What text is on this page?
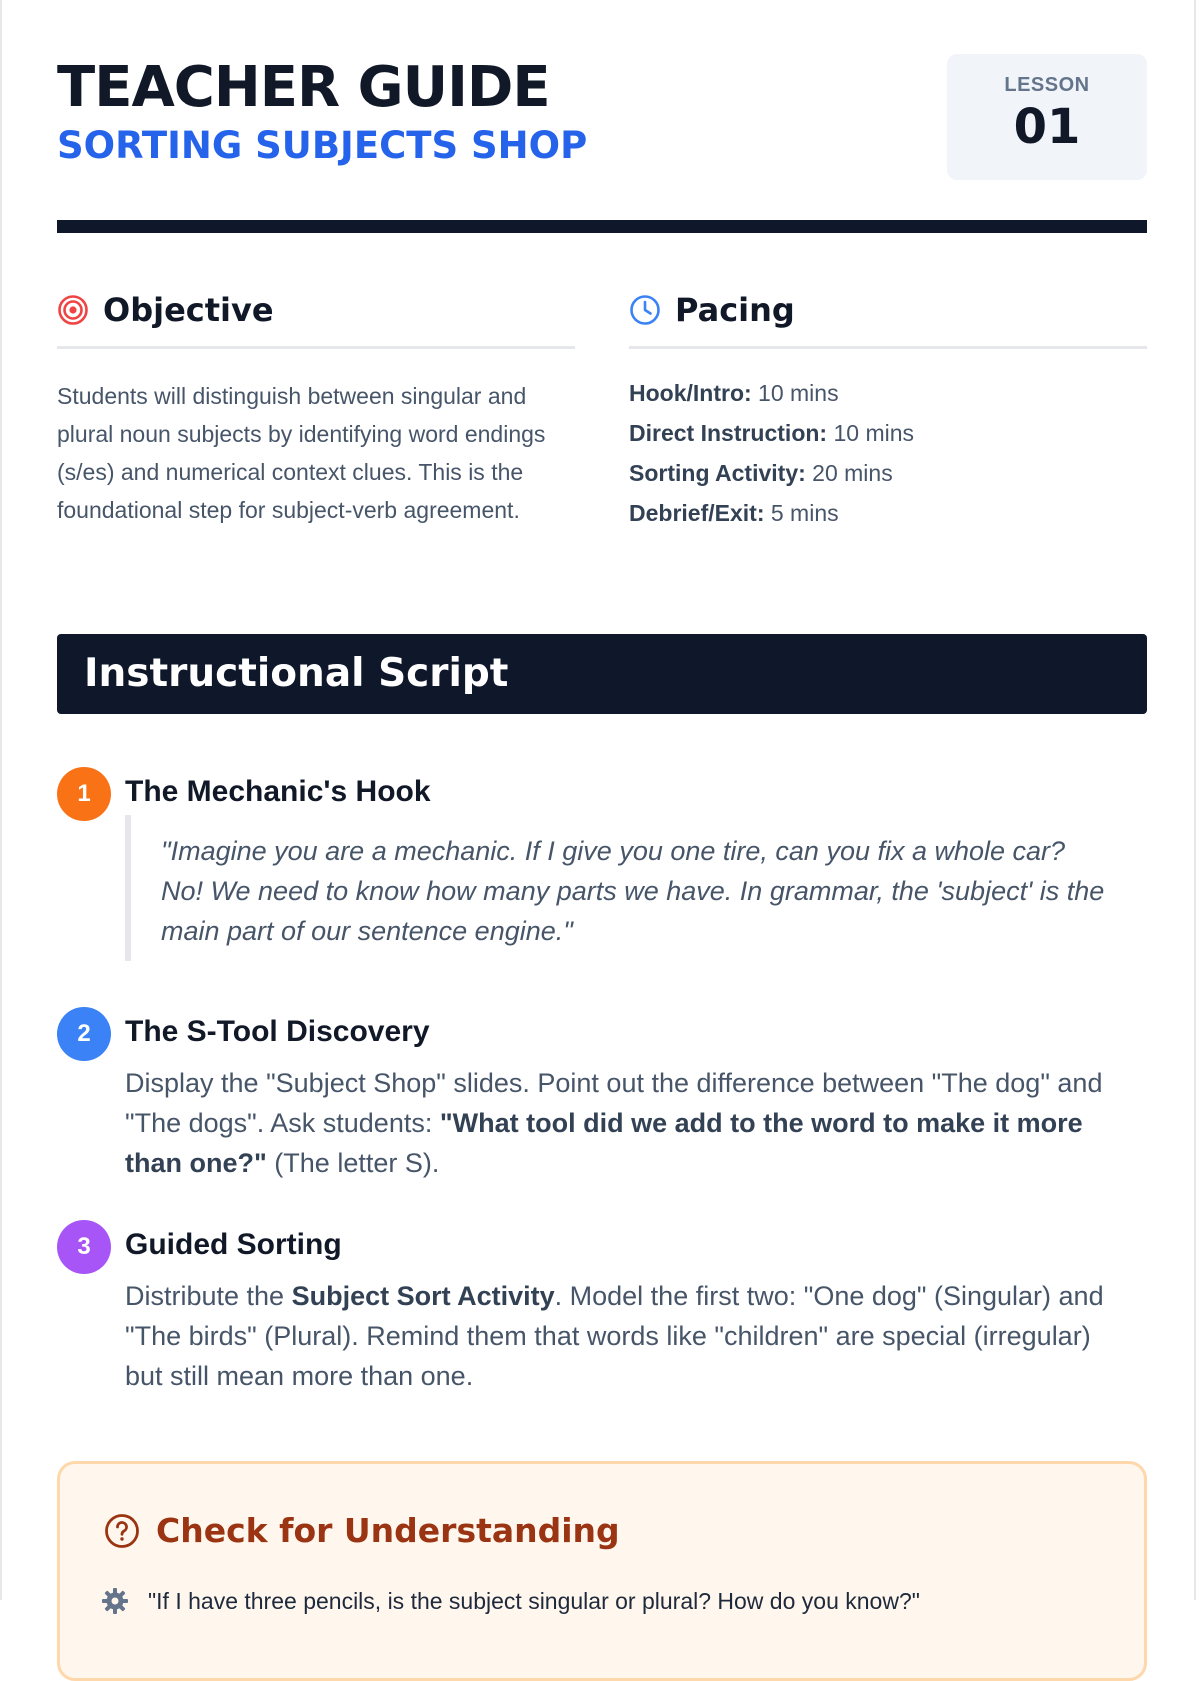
TEACHER GUIDE
SORTING SUBJECTS SHOP
LESSON
01
Objective

Students will distinguish between singular and plural noun subjects by identifying word endings (s/es) and numerical context clues. This is the foundational step for subject-verb agreement.

Pacing
Hook/Intro: 10 mins
Direct Instruction: 10 mins
Sorting Activity: 20 mins
Debrief/Exit: 5 mins
Instructional Script
1	The Mechanic's Hook

"Imagine you are a mechanic. If I give you one tire, can you fix a whole car? No! We need to know how many parts we have. In grammar, the 'subject' is the main part of our sentence engine."

2	The S-Tool Discovery

Display the "Subject Shop" slides. Point out the difference between "The dog" and "The dogs". Ask students: "What tool did we add to the word to make it more than one?" (The letter S).

3	Guided Sorting

Distribute the Subject Sort Activity. Model the first two: "One dog" (Singular) and "The birds" (Plural). Remind them that words like "children" are special (irregular) but still mean more than one.

Check for Understanding
"If I have three pencils, is the subject singular or plural? How do you know?"
